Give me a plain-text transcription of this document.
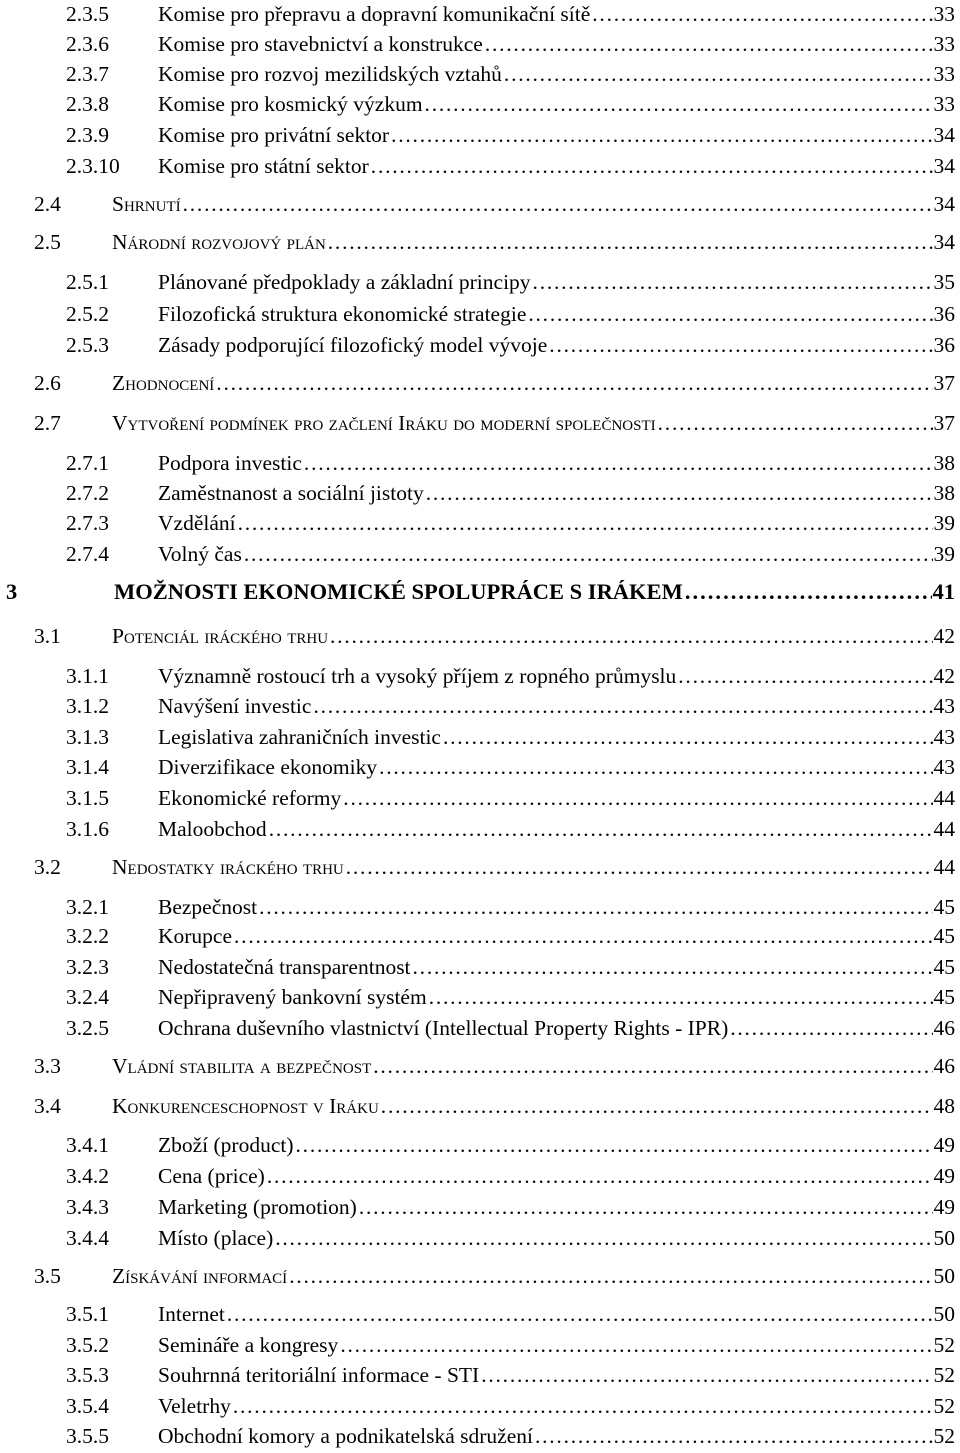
2.3.5	Komise pro přepravu a dopravní komunikační sítě . . .	33
2.3.6	Komise pro stavebnictví a konstrukce . . .	33
2.3.7	Komise pro rozvoj mezilidských vztahů . . .	33
2.3.8	Komise pro kosmický výzkum . . .	33
2.3.9	Komise pro privátní sektor . . .	34
2.3.10	Komise pro státní sektor . . .	34
2.4	Shrnutí . . .	34
2.5	Národní rozvojový plán . . .	34
2.5.1	Plánované předpoklady a základní principy . . .	35
2.5.2	Filozofická struktura ekonomické strategie . . .	36
2.5.3	Zásady podporující filozofický model vývoje . . .	36
2.6	Zhodnocení . . .	37
2.7	Vytvoření podmínek pro začlení Iráku do moderní společnosti . . .	37
2.7.1	Podpora investic . . .	38
2.7.2	Zaměstnanost a sociální jistoty . . .	38
2.7.3	Vzdělání . . .	39
2.7.4	Volný čas . . .	39
3	MOŽNOSTI EKONOMICKÉ SPOLUPRÁCE S IRÁKEM . . .	41
3.1	Potenciál iráckého trhu . . .	42
3.1.1	Významně rostoucí trh a vysoký příjem z ropného průmyslu . . .	42
3.1.2	Navýšení investic . . .	43
3.1.3	Legislativa zahraničních investic . . .	43
3.1.4	Diverzifikace ekonomiky . . .	43
3.1.5	Ekonomické reformy . . .	44
3.1.6	Maloobchod . . .	44
3.2	Nedostatky iráckého trhu . . .	44
3.2.1	Bezpečnost . . .	45
3.2.2	Korupce . . .	45
3.2.3	Nedostatečná transparentnost . . .	45
3.2.4	Nepřipravený bankovní systém . . .	45
3.2.5	Ochrana duševního vlastnictví (Intellectual Property Rights - IPR) . . .	46
3.3	Vládní stabilita a bezpečnost . . .	46
3.4	Konkurenceschopnost v Iráku . . .	48
3.4.1	Zboží (product) . . .	49
3.4.2	Cena (price) . . .	49
3.4.3	Marketing (promotion) . . .	49
3.4.4	Místo (place) . . .	50
3.5	Získávání informací . . .	50
3.5.1	Internet . . .	50
3.5.2	Semináře a kongresy . . .	52
3.5.3	Souhrnná teritoriální informace - STI . . .	52
3.5.4	Veletrhy . . .	52
3.5.5	Obchodní komory a podnikatelská sdružení . . .	52
